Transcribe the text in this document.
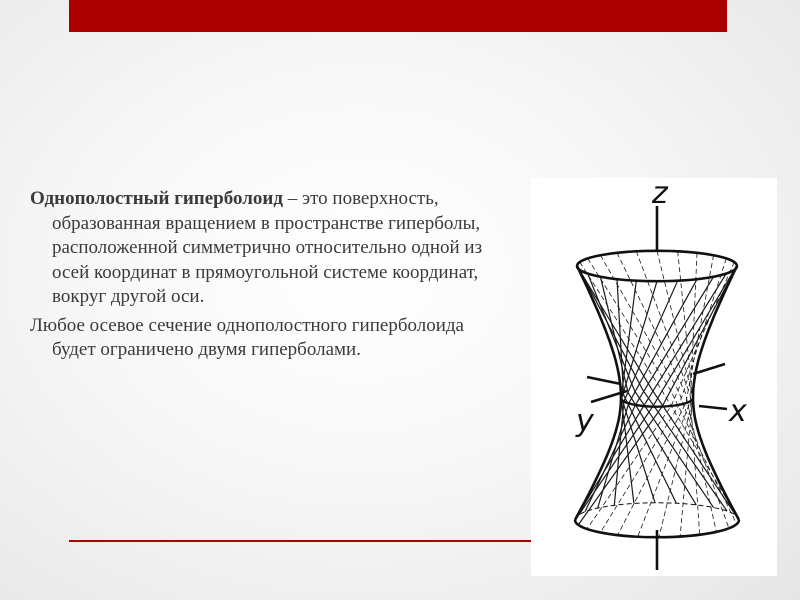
Однополостный гиперболоид – это поверхность, образованная вращением в пространстве гиперболы, расположенной симметрично относительно одной из осей координат в прямоугольной системе координат, вокруг другой оси.

Любое осевое сечение однополостного гиперболоида будет ограничено двумя гиперболами.

z
x
y
